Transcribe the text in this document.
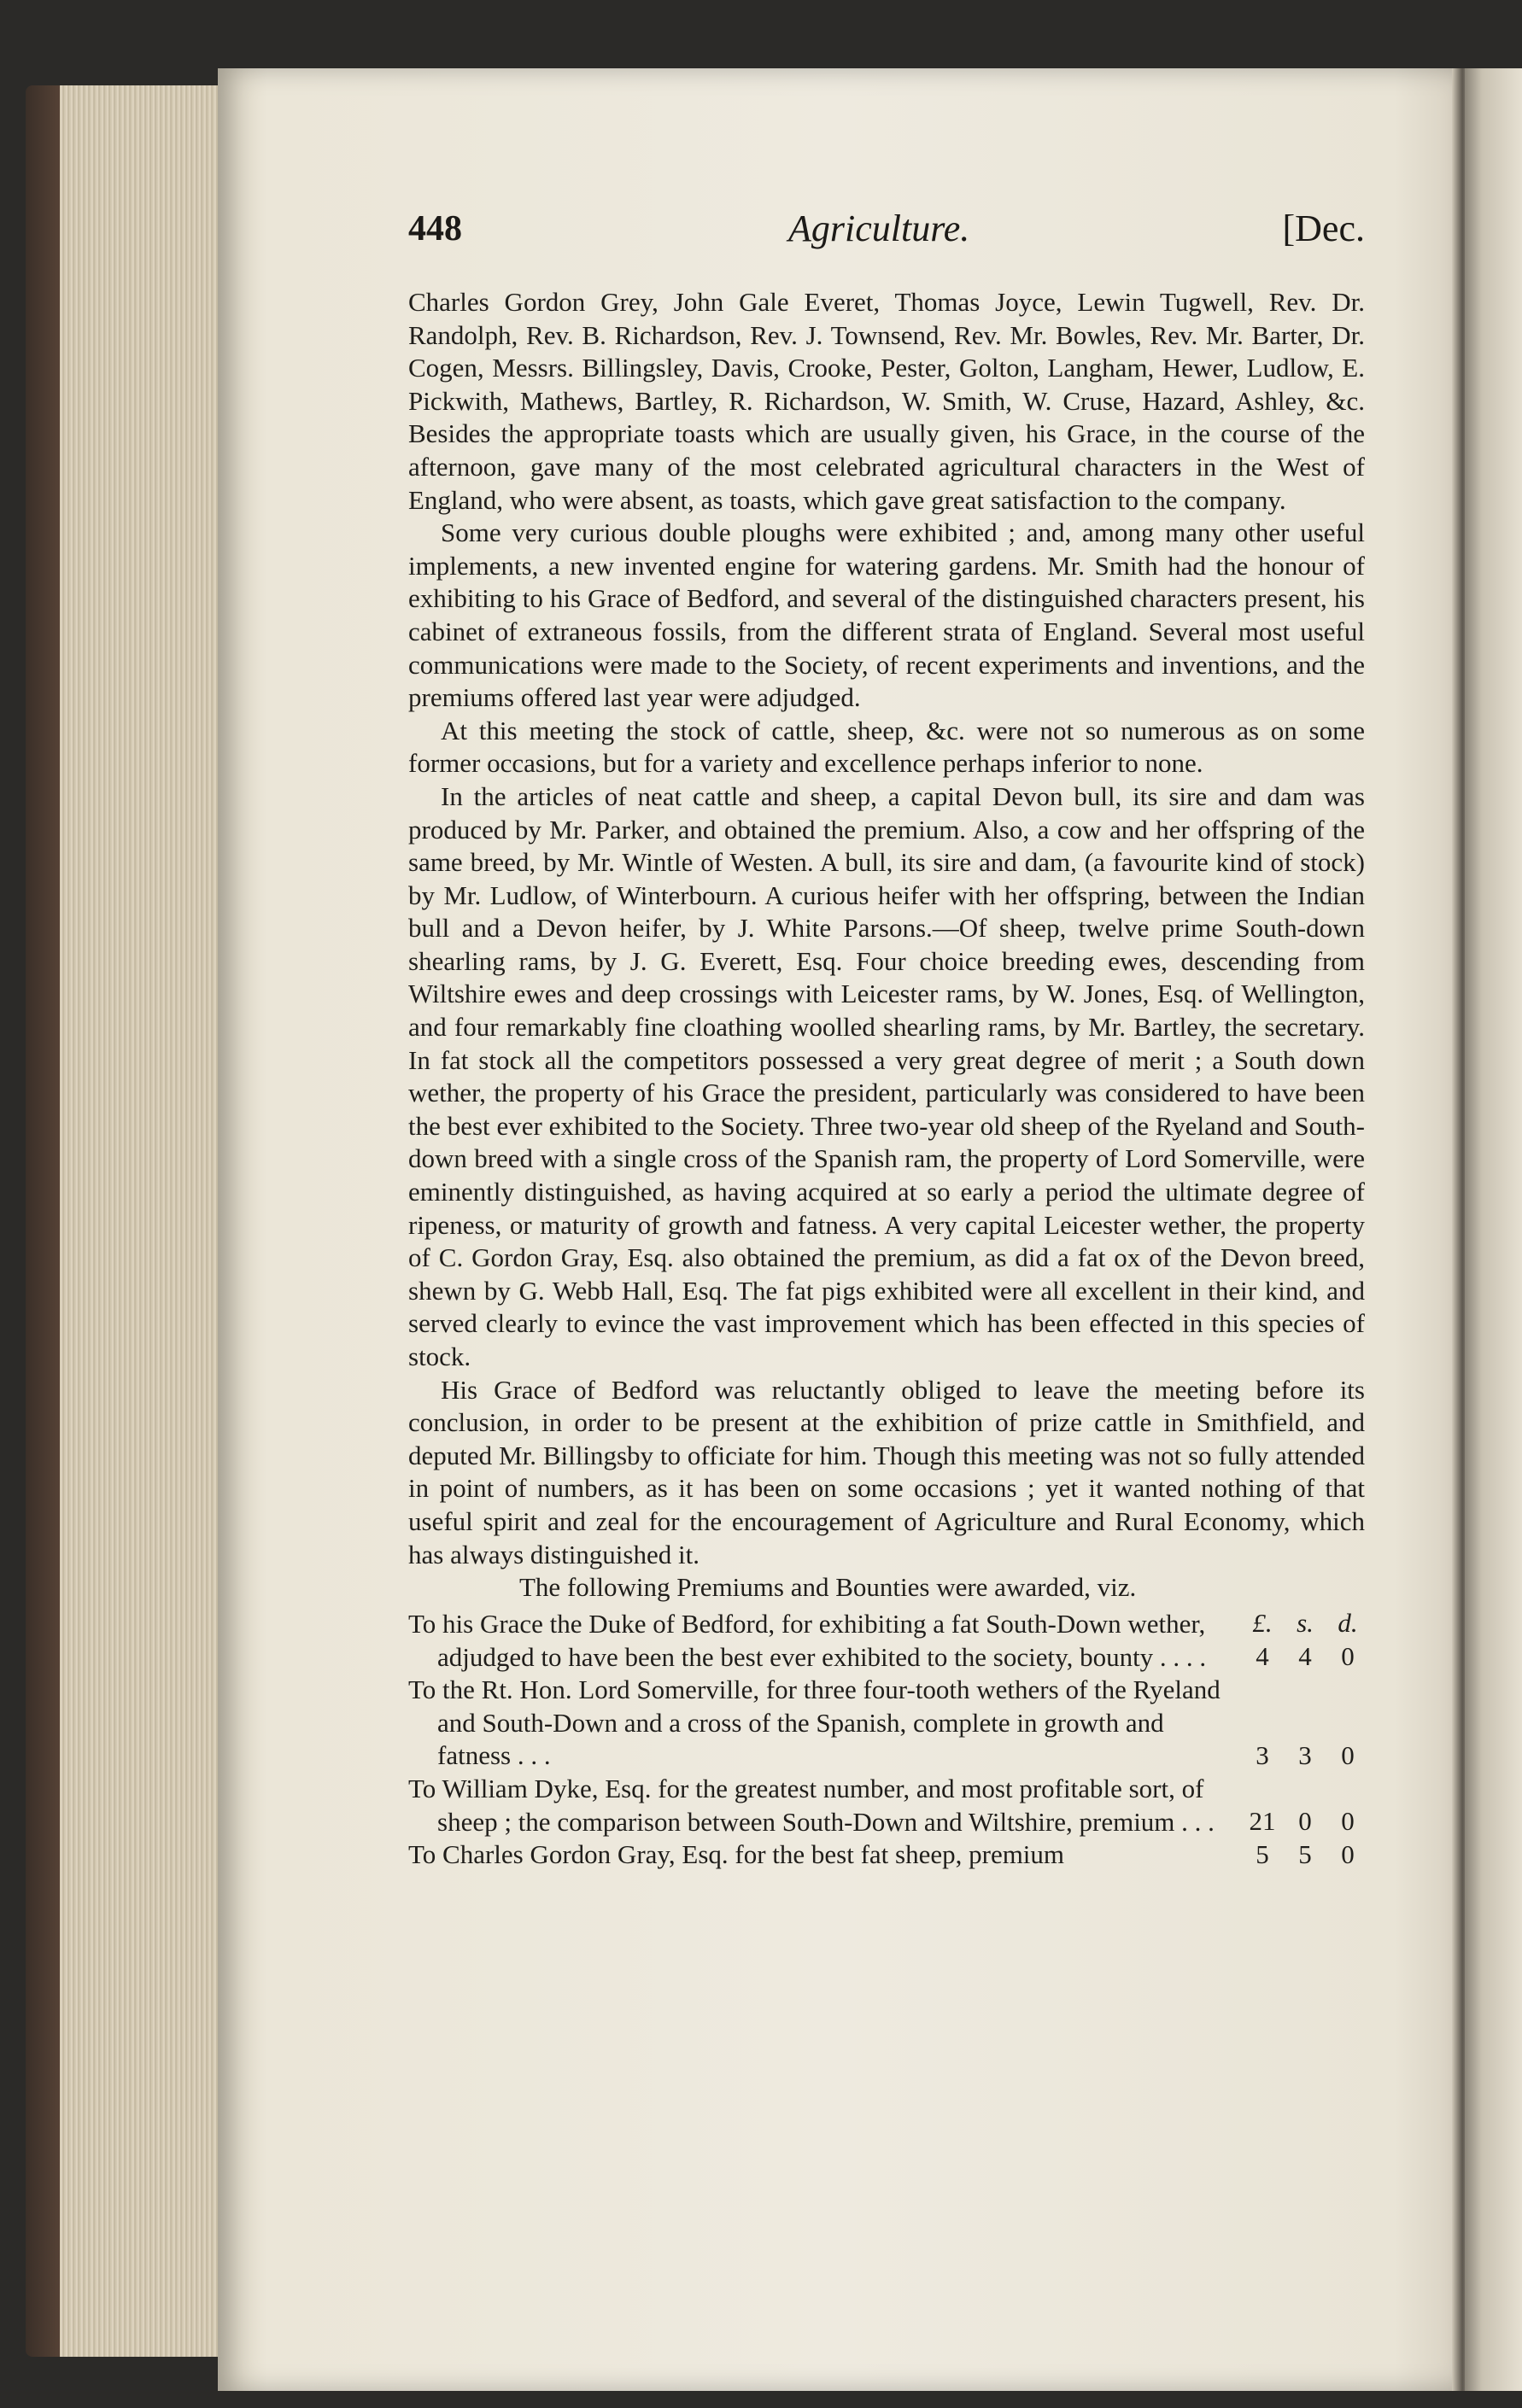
448	Agriculture.	[Dec.

Charles Gordon Grey, John Gale Everet, Thomas Joyce, Lewin Tugwell, Rev. Dr. Randolph, Rev. B. Richardson, Rev. J. Townsend, Rev. Mr. Bowles, Rev. Mr. Barter, Dr. Cogen, Messrs. Billingsley, Davis, Crooke, Pester, Golton, Langham, Hewer, Ludlow, E. Pickwith, Mathews, Bartley, R. Richardson, W. Smith, W. Cruse, Hazard, Ashley, &c. Besides the appropriate toasts which are usually given, his Grace, in the course of the afternoon, gave many of the most celebrated agricultural characters in the West of England, who were absent, as toasts, which gave great satisfaction to the company.

Some very curious double ploughs were exhibited ; and, among many other useful implements, a new invented engine for watering gardens. Mr. Smith had the honour of exhibiting to his Grace of Bedford, and several of the distinguished characters present, his cabinet of extraneous fossils, from the different strata of England. Several most useful communications were made to the Society, of recent experiments and inventions, and the premiums offered last year were adjudged.

At this meeting the stock of cattle, sheep, &c. were not so numerous as on some former occasions, but for a variety and excellence perhaps inferior to none.

In the articles of neat cattle and sheep, a capital Devon bull, its sire and dam was produced by Mr. Parker, and obtained the premium. Also, a cow and her offspring of the same breed, by Mr. Wintle of Westen. A bull, its sire and dam, (a favourite kind of stock) by Mr. Ludlow, of Winterbourn. A curious heifer with her offspring, between the Indian bull and a Devon heifer, by J. White Parsons.—Of sheep, twelve prime South-down shearling rams, by J. G. Everett, Esq. Four choice breeding ewes, descending from Wiltshire ewes and deep crossings with Leicester rams, by W. Jones, Esq. of Wellington, and four remarkably fine cloathing woolled shearling rams, by Mr. Bartley, the secretary. In fat stock all the competitors possessed a very great degree of merit ; a South down wether, the property of his Grace the president, particularly was considered to have been the best ever exhibited to the Society. Three two-year old sheep of the Ryeland and South-down breed with a single cross of the Spanish ram, the property of Lord Somerville, were eminently distinguished, as having acquired at so early a period the ultimate degree of ripeness, or maturity of growth and fatness. A very capital Leicester wether, the property of C. Gordon Gray, Esq. also obtained the premium, as did a fat ox of the Devon breed, shewn by G. Webb Hall, Esq. The fat pigs exhibited were all excellent in their kind, and served clearly to evince the vast improvement which has been effected in this species of stock.

His Grace of Bedford was reluctantly obliged to leave the meeting before its conclusion, in order to be present at the exhibition of prize cattle in Smithfield, and deputed Mr. Billingsby to officiate for him. Though this meeting was not so fully attended in point of numbers, as it has been on some occasions ; yet it wanted nothing of that useful spirit and zeal for the encouragement of Agriculture and Rural Economy, which has always distinguished it.

The following Premiums and Bounties were awarded, viz.

£. s. d.
To his Grace the Duke of Bedford, for exhibiting a fat South-Down wether, adjudged to have been the best ever exhibited to the society, bounty . . . .	4	4	0
To the Rt. Hon. Lord Somerville, for three four-tooth wethers of the Ryeland and South-Down and a cross of the Spanish, complete in growth and fatness . . .	3	3	0
To William Dyke, Esq. for the greatest number, and most profitable sort, of sheep ; the comparison between South-Down and Wiltshire, premium . . .	21 0	0
To Charles Gordon Gray, Esq. for the best fat sheep, premium	5	5	0
